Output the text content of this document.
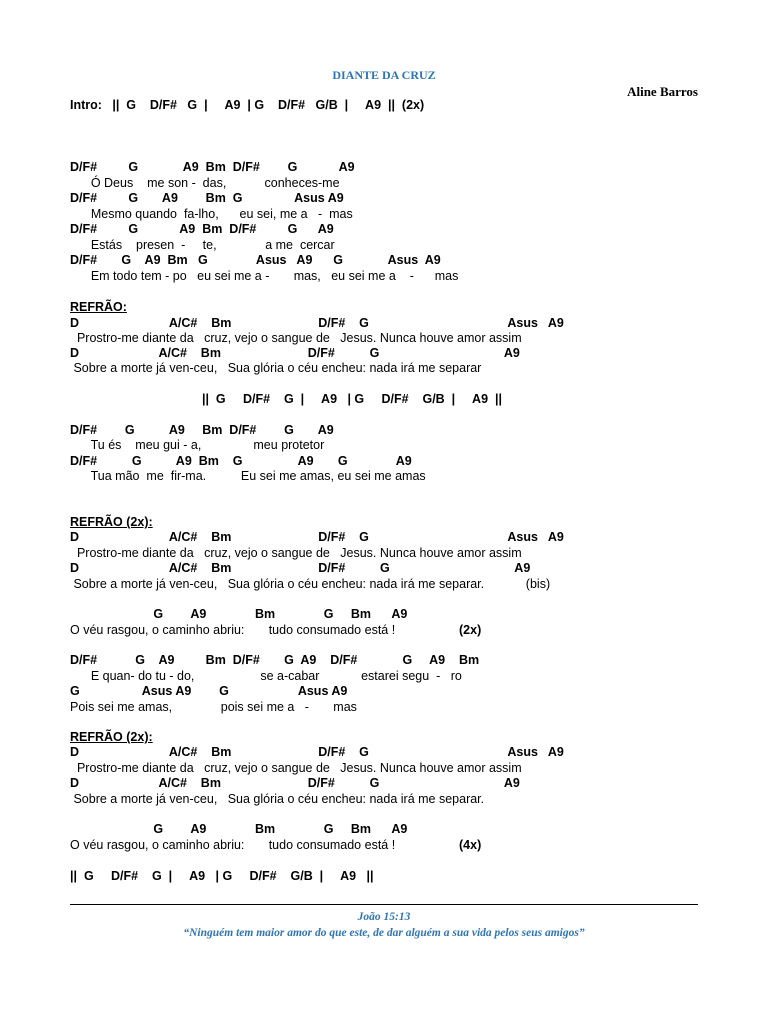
DIANTE DA CRUZ
Aline Barros
Intro:   ||  G    D/F#   G  |     A9  | G    D/F#   G/B  |     A9  ||  (2x)
D/F#         G             A9  Bm  D/F#        G            A9
Ó Deus    me son -  das,           conheces-me
D/F#         G       A9        Bm  G               Asus A9
Mesmo quando  fa-lho,      eu sei, me a   -  mas
D/F#         G            A9  Bm  D/F#         G      A9
Estás    presen  -     te,              a me  cercar
D/F#       G    A9  Bm   G              Asus   A9      G             Asus  A9
Em todo tem - po   eu sei me a -       mas,   eu sei me a    -      mas
REFRÃO:
D                          A/C#    Bm                         D/F#    G                                        Asus   A9
Prostro-me diante da   cruz, vejo o sangue de   Jesus. Nunca houve amor assim
D                       A/C#    Bm                         D/F#          G                                    A9
Sobre a morte já ven-ceu,   Sua glória o céu encheu: nada irá me separar
||  G     D/F#    G  |     A9   | G     D/F#    G/B  |     A9  ||
D/F#        G          A9     Bm  D/F#        G       A9
Tu és    meu gui - a,               meu protetor
D/F#          G          A9  Bm    G                A9       G              A9
Tua mão  me  fir-ma.          Eu sei me amas, eu sei me amas
REFRÃO (2x):
D                          A/C#    Bm                         D/F#    G                                        Asus   A9
Prostro-me diante da   cruz, vejo o sangue de   Jesus. Nunca houve amor assim
D                          A/C#    Bm                         D/F#          G                                    A9
Sobre a morte já ven-ceu,   Sua glória o céu encheu: nada irá me separar.            (bis)
G        A9              Bm              G     Bm      A9
O véu rasgou, o caminho abriu:       tudo consumado está !
D/F#           G    A9         Bm  D/F#       G  A9    D/F#             G     A9    Bm
E quan- do tu - do,                   se a-cabar            estarei segu  -   ro
G                  Asus A9        G                    Asus A9
Pois sei me amas,              pois sei me a   -       mas
REFRÃO (2x):
D                          A/C#    Bm                         D/F#    G                                        Asus   A9
Prostro-me diante da   cruz, vejo o sangue de   Jesus. Nunca houve amor assim
D                       A/C#    Bm                         D/F#          G                                    A9
Sobre a morte já ven-ceu,   Sua glória o céu encheu: nada irá me separar.
G        A9              Bm              G     Bm      A9
O véu rasgou, o caminho abriu:       tudo consumado está !
||  G     D/F#    G  |     A9   | G     D/F#    G/B  |     A9   ||
(2x)
(4x)
João 15:13
“Ninguém tem maior amor do que este, de dar alguém a sua vida pelos seus amigos”
